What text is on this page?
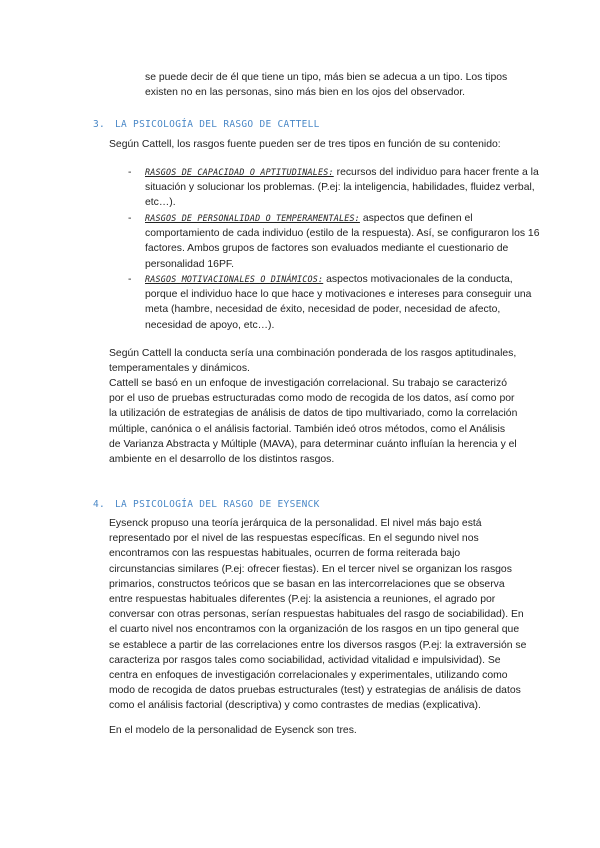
se puede decir de él que tiene un tipo, más bien se adecua a un tipo. Los tipos existen no en las personas, sino más bien en los ojos del observador.

3. LA PSICOLOGÍA DEL RASGO DE CATTELL

Según Cattell, los rasgos fuente pueden ser de tres tipos en función de su contenido:

- RASGOS DE CAPACIDAD O APTITUDINALES: recursos del individuo para hacer frente a la situación y solucionar los problemas. (P.ej: la inteligencia, habilidades, fluidez verbal, etc…).

- RASGOS DE PERSONALIDAD O TEMPERAMENTALES: aspectos que definen el comportamiento de cada individuo (estilo de la respuesta). Así, se configuraron los 16 factores. Ambos grupos de factores son evaluados mediante el cuestionario de personalidad 16PF.

- RASGOS MOTIVACIONALES O DINÁMICOS: aspectos motivacionales de la conducta, porque el individuo hace lo que hace y motivaciones e intereses para conseguir una meta (hambre, necesidad de éxito, necesidad de poder, necesidad de afecto, necesidad de apoyo, etc…).

Según Cattell la conducta sería una combinación ponderada de los rasgos aptitudinales, temperamentales y dinámicos.

Cattell se basó en un enfoque de investigación correlacional. Su trabajo se caracterizó por el uso de pruebas estructuradas como modo de recogida de los datos, así como por la utilización de estrategias de análisis de datos de tipo multivariado, como la correlación múltiple, canónica o el análisis factorial. También ideó otros métodos, como el Análisis de Varianza Abstracta y Múltiple (MAVA), para determinar cuánto influían la herencia y el ambiente en el desarrollo de los distintos rasgos.

4. LA PSICOLOGÍA DEL RASGO DE EYSENCK

Eysenck propuso una teoría jerárquica de la personalidad. El nivel más bajo está representado por el nivel de las respuestas específicas. En el segundo nivel nos encontramos con las respuestas habituales, ocurren de forma reiterada bajo circunstancias similares (P.ej: ofrecer fiestas). En el tercer nivel se organizan los rasgos primarios, constructos teóricos que se basan en las intercorrelaciones que se observa entre respuestas habituales diferentes (P.ej: la asistencia a reuniones, el agrado por conversar con otras personas, serían respuestas habituales del rasgo de sociabilidad). En el cuarto nivel nos encontramos con la organización de los rasgos en un tipo general que se establece a partir de las correlaciones entre los diversos rasgos (P.ej: la extraversión se caracteriza por rasgos tales como sociabilidad, actividad vitalidad e impulsividad). Se centra en enfoques de investigación correlacionales y experimentales, utilizando como modo de recogida de datos pruebas estructurales (test) y estrategias de análisis de datos como el análisis factorial (descriptiva) y como contrastes de medias (explicativa).

En el modelo de la personalidad de Eysenck son tres.
